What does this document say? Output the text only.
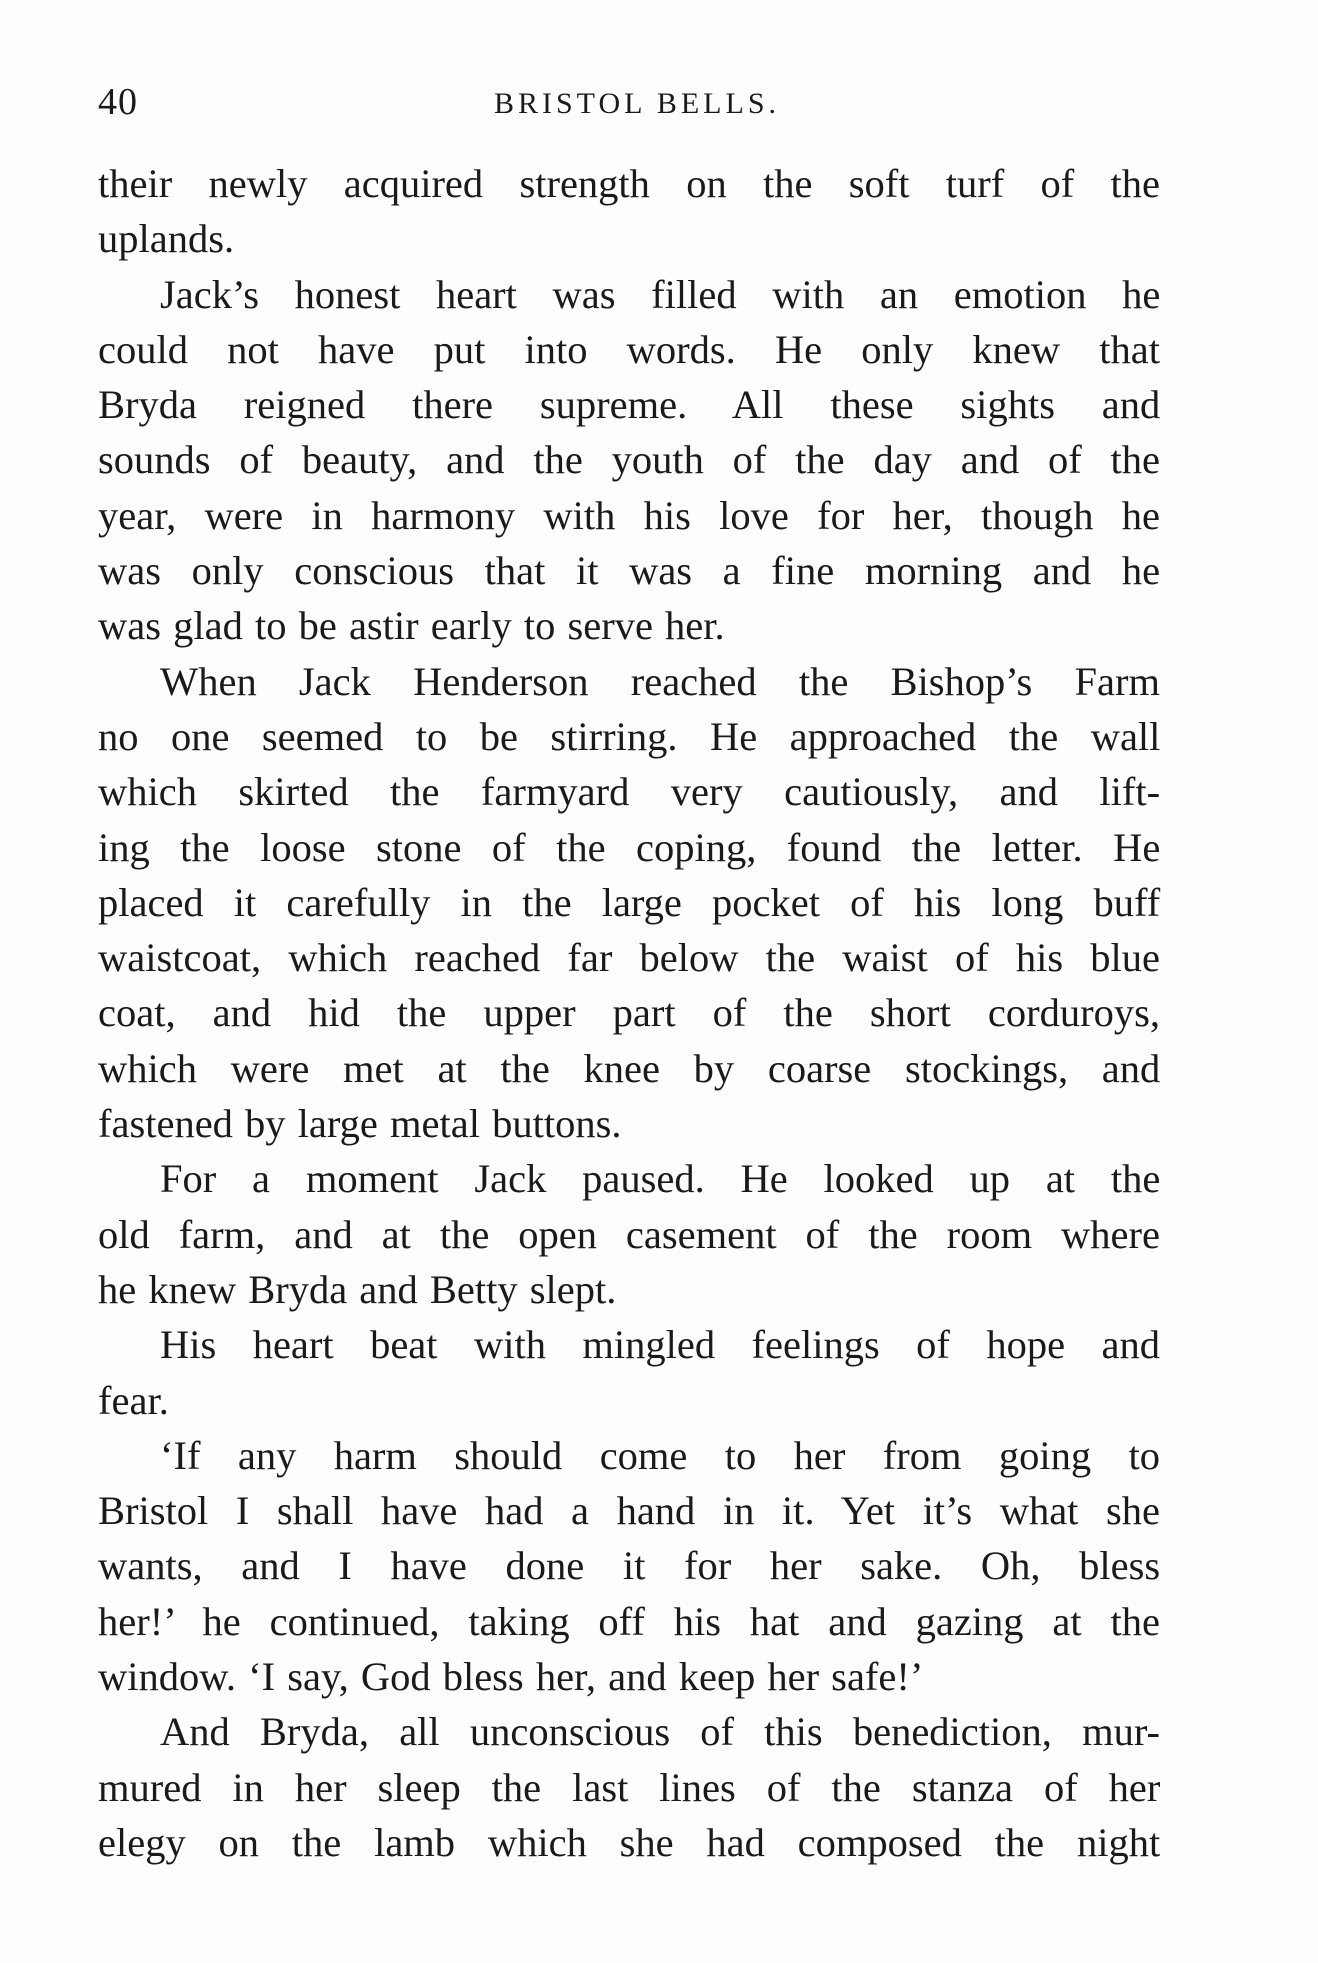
40	BRISTOL BELLS.

their newly acquired strength on the soft turf of the
uplands.

Jack’s honest heart was filled with an emotion he
could not have put into words. He only knew that
Bryda reigned there supreme. All these sights and
sounds of beauty, and the youth of the day and of the
year, were in harmony with his love for her, though he
was only conscious that it was a fine morning and he
was glad to be astir early to serve her.

When Jack Henderson reached the Bishop’s Farm
no one seemed to be stirring. He approached the wall
which skirted the farmyard very cautiously, and lift-
ing the loose stone of the coping, found the letter. He
placed it carefully in the large pocket of his long buff
waistcoat, which reached far below the waist of his blue
coat, and hid the upper part of the short corduroys,
which were met at the knee by coarse stockings, and
fastened by large metal buttons.

For a moment Jack paused. He looked up at the
old farm, and at the open casement of the room where
he knew Bryda and Betty slept.

His heart beat with mingled feelings of hope and
fear.

‘If any harm should come to her from going to
Bristol I shall have had a hand in it. Yet it’s what she
wants, and I have done it for her sake. Oh, bless
her!’ he continued, taking off his hat and gazing at the
window. ‘I say, God bless her, and keep her safe!’

And Bryda, all unconscious of this benediction, mur-
mured in her sleep the last lines of the stanza of her
elegy on the lamb which she had composed the night
